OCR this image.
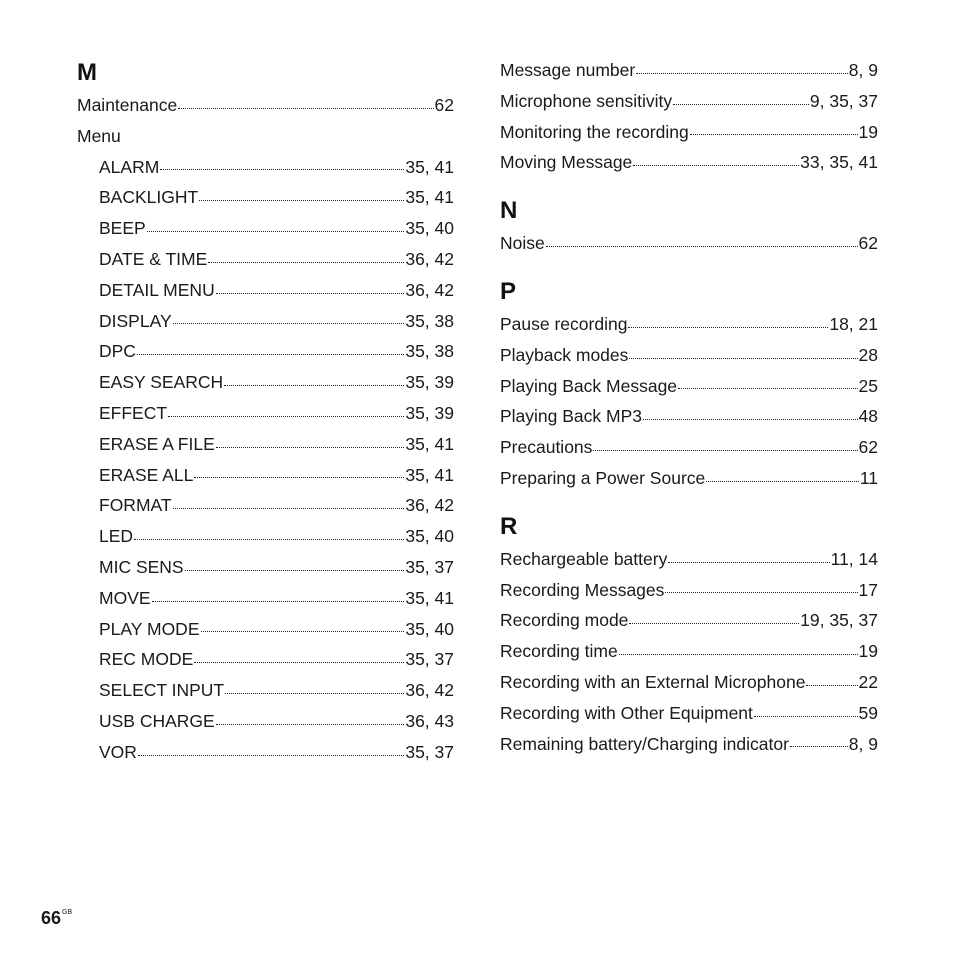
M
Maintenance	62
Menu
ALARM	35, 41
BACKLIGHT	35, 41
BEEP	35, 40
DATE & TIME	36, 42
DETAIL MENU	36, 42
DISPLAY	35, 38
DPC	35, 38
EASY SEARCH	35, 39
EFFECT	35, 39
ERASE A FILE	35, 41
ERASE ALL	35, 41
FORMAT	36, 42
LED	35, 40
MIC SENS	35, 37
MOVE	35, 41
PLAY MODE	35, 40
REC MODE	35, 37
SELECT INPUT	36, 42
USB CHARGE	36, 43
VOR	35, 37
Message number	8, 9
Microphone sensitivity	9, 35, 37
Monitoring the recording	19
Moving Message	33, 35, 41
N
Noise	62
P
Pause recording	18, 21
Playback modes	28
Playing Back Message	25
Playing Back MP3	48
Precautions	62
Preparing a Power Source	11
R
Rechargeable battery	11, 14
Recording Messages	17
Recording mode	19, 35, 37
Recording time	19
Recording with an External Microphone	22
Recording with Other Equipment	59
Remaining battery/Charging indicator	8, 9
$66^{GB}$
